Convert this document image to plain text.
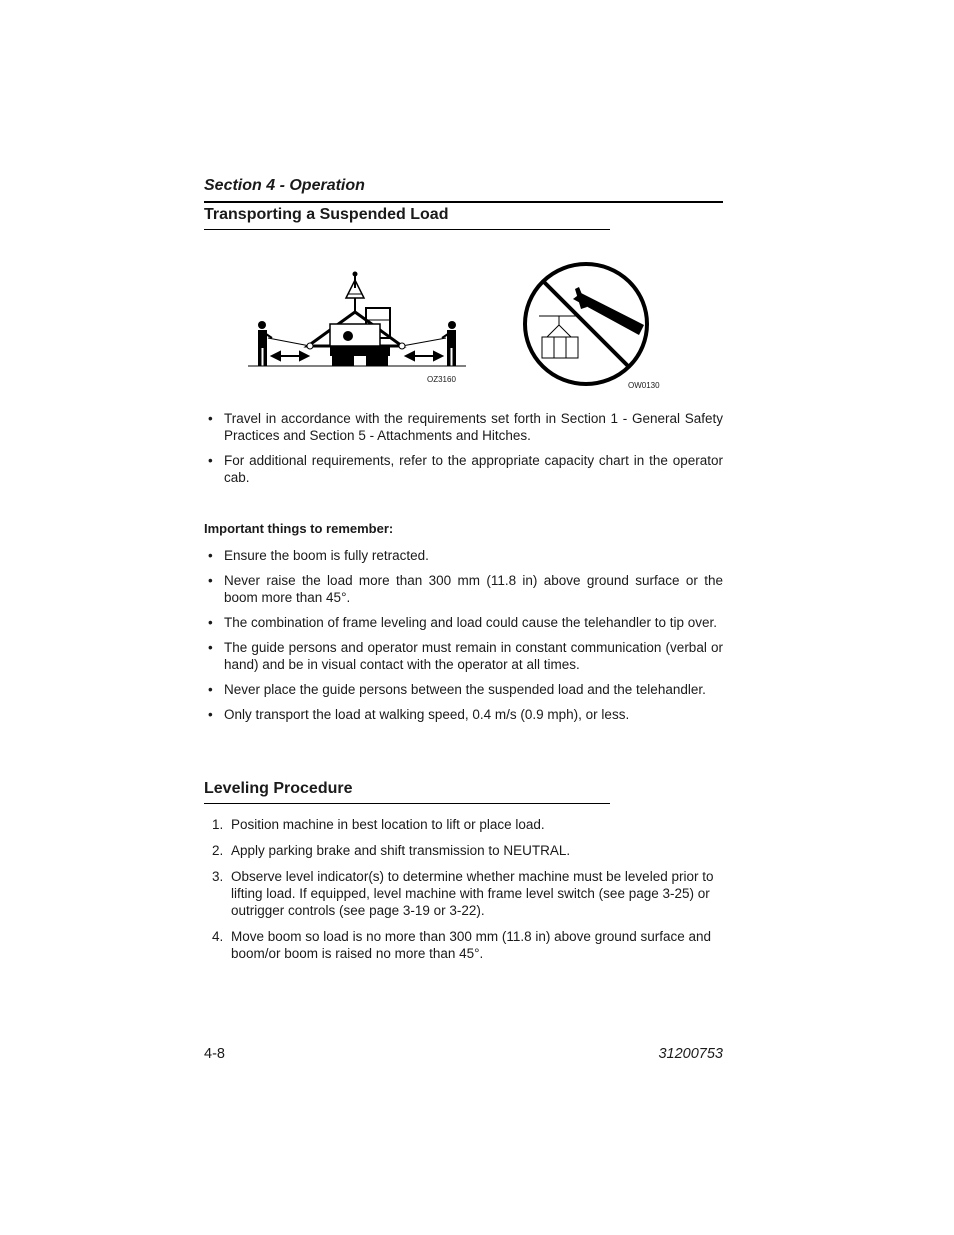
Section 4 - Operation
Transporting a Suspended Load
OZ3160
OW0130
• Travel in accordance with the requirements set forth in Section 1 - General Safety Practices and Section 5 - Attachments and Hitches.
• For additional requirements, refer to the appropriate capacity chart in the operator cab.
Important things to remember:
• Ensure the boom is fully retracted.
• Never raise the load more than 300 mm (11.8 in) above ground surface or the boom more than 45°.
• The combination of frame leveling and load could cause the telehandler to tip over.
• The guide persons and operator must remain in constant communication (verbal or hand) and be in visual contact with the operator at all times.
• Never place the guide persons between the suspended load and the telehandler.
• Only transport the load at walking speed, 0.4 m/s (0.9 mph), or less.
Leveling Procedure
1. Position machine in best location to lift or place load.
2. Apply parking brake and shift transmission to NEUTRAL.
3. Observe level indicator(s) to determine whether machine must be leveled prior to lifting load. If equipped, level machine with frame level switch (see page 3-25) or outrigger controls (see page 3-19 or 3-22).
4. Move boom so load is no more than 300 mm (11.8 in) above ground surface and boom/or boom is raised no more than 45°.
4-8	31200753
